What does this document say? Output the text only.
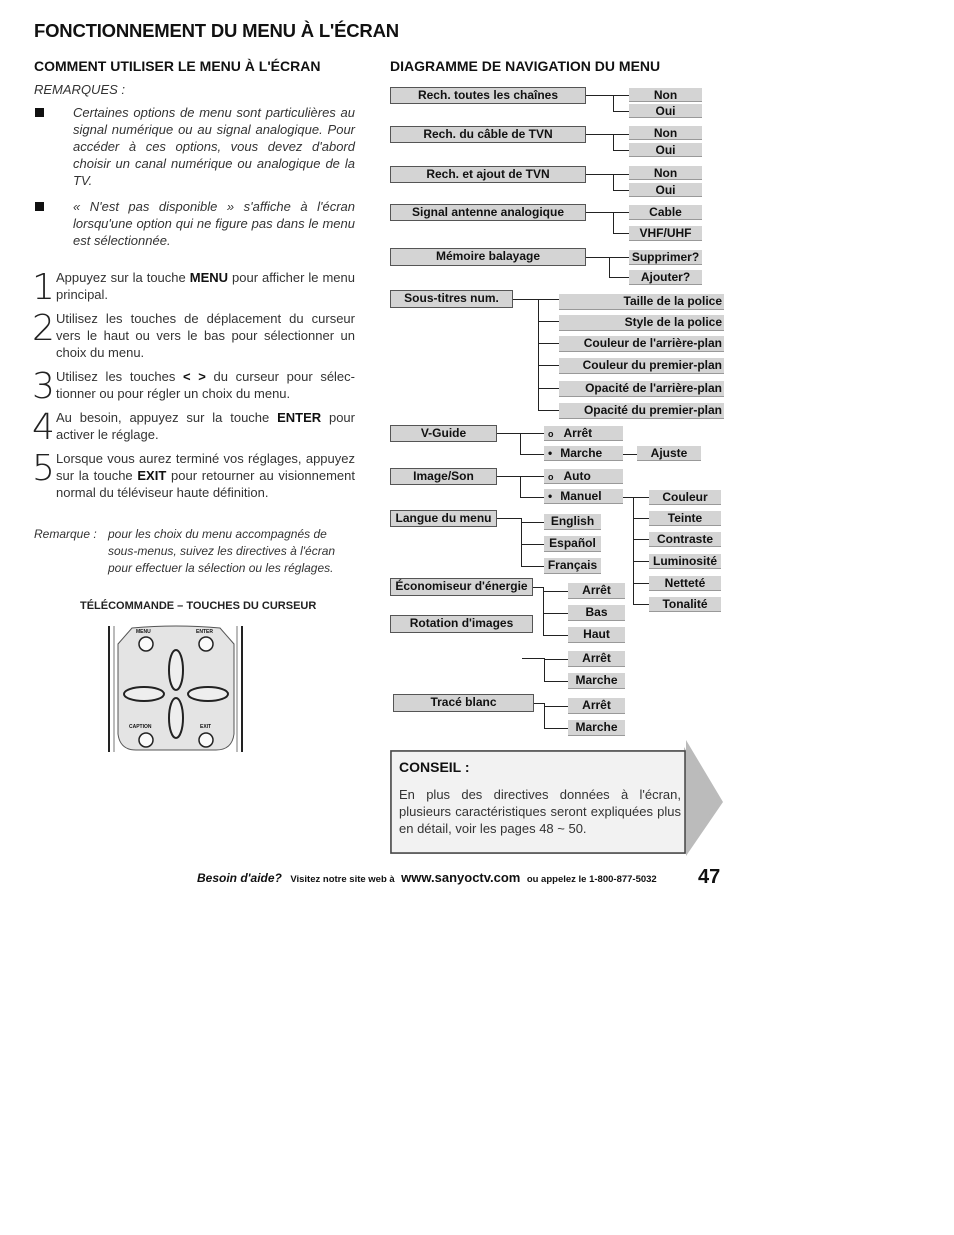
FONCTIONNEMENT DU MENU À L'ÉCRAN
COMMENT UTILISER LE MENU À L'ÉCRAN
REMARQUES :
Certaines options de menu sont particulières au signal numérique ou au signal analogique. Pour accéder à ces options, vous devez d'abord choisir un canal numérique ou analogique de la TV.
« N'est pas disponible » s'affiche à l'écran lorsqu'une option qui ne figure pas dans le menu est sélectionnée.
1 Appuyez sur la touche MENU pour afficher le menu principal.
2 Utilisez les touches de déplacement du curseur vers le haut ou vers le bas pour sélectionner un choix du menu.
3 Utilisez les touches < > du curseur pour sélec-tionner ou pour régler un choix du menu.
4 Au besoin, appuyez sur la touche ENTER pour activer le réglage.
5 Lorsque vous aurez terminé vos réglages, appuyez sur la touche EXIT pour retourner au visionnement normal du téléviseur haute définition.
Remarque : pour les choix du menu accompagnés de sous-menus, suivez les directives à l'écran pour effectuer la sélection ou les réglages.
TÉLÉCOMMANDE – TOUCHES DU CURSEUR
MENU	ENTER
CAPTION	EXIT
DIAGRAMME DE NAVIGATION DU MENU
Rech. toutes les chaînes
Rech. du câble de TVN
Rech. et ajout de TVN
Signal antenne analogique
Mémoire balayage
Sous-titres num.
V-Guide
Image/Son
Langue du menu
Économiseur d'énergie
Rotation d'images
Tracé blanc
Non
Oui
Non
Oui
Non
Oui
Cable
VHF/UHF
Supprimer?
Ajouter?
Taille de la police
Style de la police
Couleur de l'arrière-plan
Couleur du premier-plan
Opacité de l'arrière-plan
Opacité du premier-plan
o Arrêt
• Marche	Ajuste
o Auto
• Manuel	Couleur
Teinte
Contraste
Luminosité
Netteté
Tonalité
English
Español
Français
Arrêt
Bas
Haut
Arrêt
Marche
Arrêt
Marche
CONSEIL :
En plus des directives données à l'écran, plusieurs caractéristiques seront expliquées plus en détail, voir les pages 48 ~ 50.
Besoin d'aide? Visitez notre site web à www.sanyoctv.com ou appelez le 1-800-877-5032 47
